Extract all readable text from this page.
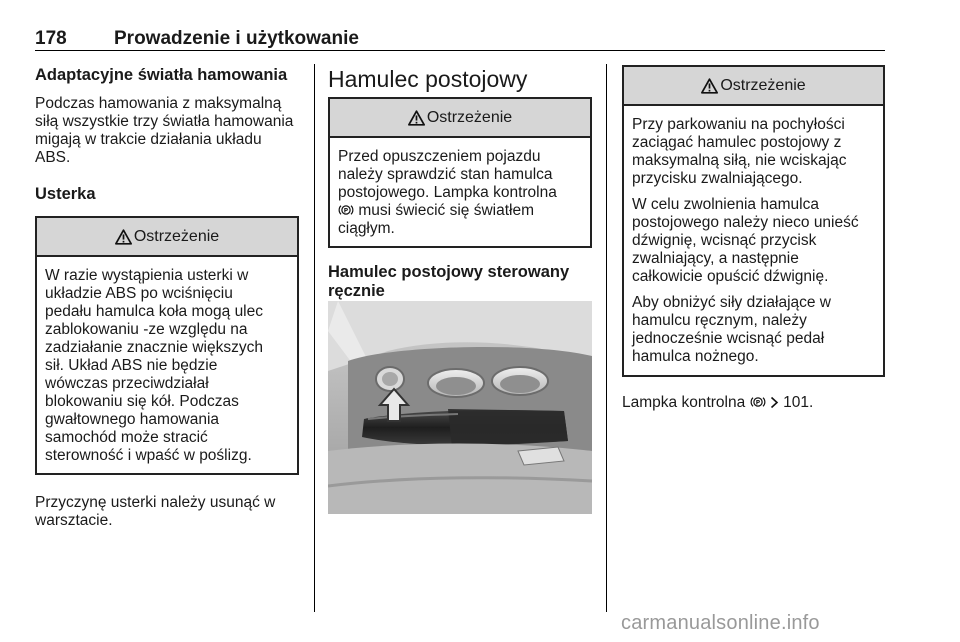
178 Prowadzenie i użytkowanie
Adaptacyjne światła hamowania

Podczas hamowania z maksymalną
siłą wszystkie trzy światła hamowania
migają w trakcie działania układu
ABS.

Usterka
Ostrzeżenie

W razie wystąpienia usterki w
układzie ABS po wciśnięciu
pedału hamulca koła mogą ulec
zablokowaniu -ze względu na
zadziałanie znacznie większych
sił. Układ ABS nie będzie
wówczas przeciwdziałał
blokowaniu się kół. Podczas
gwałtownego hamowania
samochód może stracić
sterowność i wpaść w poślizg.

Przyczynę usterki należy usunąć w
warsztacie.

Hamulec postojowy
Ostrzeżenie

Przed opuszczeniem pojazdu
należy sprawdzić stan hamulca
postojowego. Lampka kontrolna

P musi świecić się światłem
ciągłym.

Hamulec postojowy sterowany
ręcznie
Ostrzeżenie

Przy parkowaniu na pochyłości
zaciągać hamulec postojowy z
maksymalną siłą, nie wciskając
przycisku zwalniającego.

W celu zwolnienia hamulca
postojowego należy nieco unieść
dźwignię, wcisnąć przycisk
zwalniający, a następnie
całkowicie opuścić dźwignię.

Aby obniżyć siły działające w
hamulcu ręcznym, należy
jednocześnie wcisnąć pedał
hamulca nożnego.

Lampka kontrolna P 101.

carmanualsonline.info
